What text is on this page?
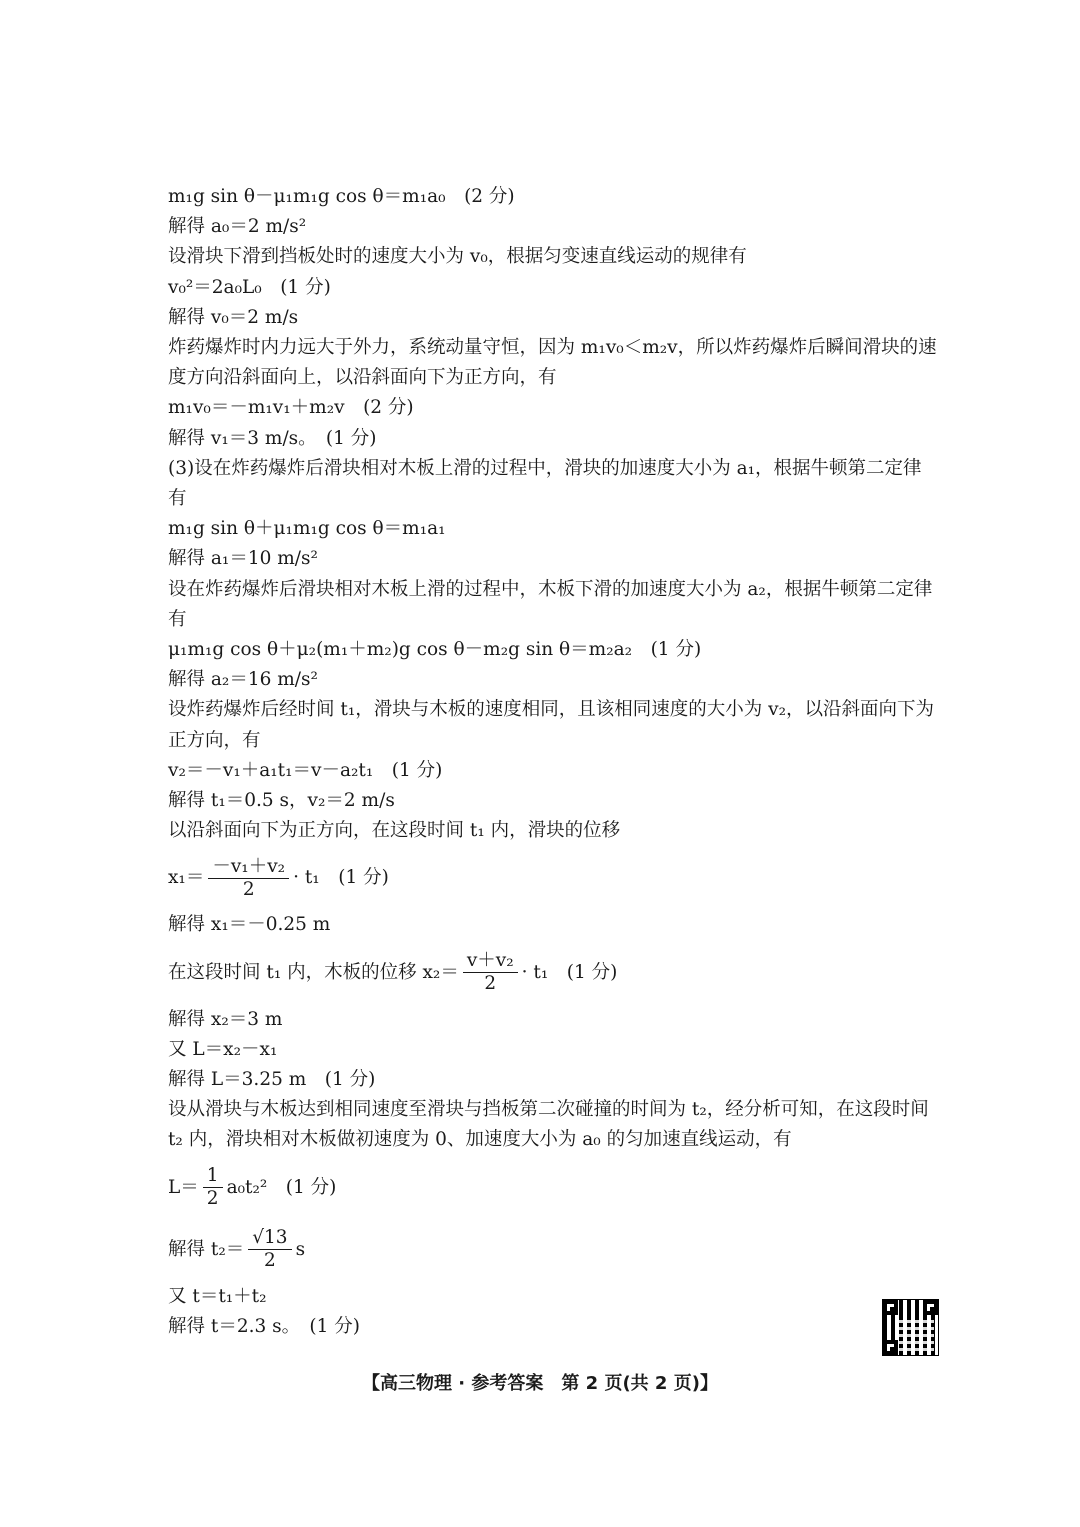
m₁g sin θ－μ₁m₁g cos θ＝m₁a₀　(2 分)
解得 a₀＝2 m/s²
设滑块下滑到挡板处时的速度大小为 v₀，根据匀变速直线运动的规律有
v₀²＝2a₀L₀　(1 分)
解得 v₀＝2 m/s
炸药爆炸时内力远大于外力，系统动量守恒，因为 m₁v₀＜m₂v，所以炸药爆炸后瞬间滑块的速度方向沿斜面向上，以沿斜面向下为正方向，有
m₁v₀＝－m₁v₁＋m₂v　(2 分)
解得 v₁＝3 m/s。　(1 分)
(3)设在炸药爆炸后滑块相对木板上滑的过程中，滑块的加速度大小为 a₁，根据牛顿第二定律有
m₁g sin θ＋μ₁m₁g cos θ＝m₁a₁
解得 a₁＝10 m/s²
设在炸药爆炸后滑块相对木板上滑的过程中，木板下滑的加速度大小为 a₂，根据牛顿第二定律有
μ₁m₁g cos θ＋μ₂(m₁＋m₂)g cos θ－m₂g sin θ＝m₂a₂　(1 分)
解得 a₂＝16 m/s²
设炸药爆炸后经时间 t₁，滑块与木板的速度相同，且该相同速度的大小为 v₂，以沿斜面向下为正方向，有
v₂＝－v₁＋a₁t₁＝v－a₂t₁　(1 分)
解得 t₁＝0.5 s，v₂＝2 m/s
以沿斜面向下为正方向，在这段时间 t₁ 内，滑块的位移
$x_1= \frac{\text{－v₁＋v₂}}{2} \cdot t_1$　(1 分)
解得 x₁＝－0.25 m
在这段时间 t₁ 内，木板的位移 $x_2= \frac{\text{v＋v₂}}{2} \cdot t_1$　(1 分)
解得 x₂＝3 m
又 L＝x₂－x₁
解得 L＝3.25 m　(1 分)
设从滑块与木板达到相同速度至滑块与挡板第二次碰撞的时间为 t₂，经分析可知，在这段时间 t₂ 内，滑块相对木板做初速度为 0、加速度大小为 a₀ 的匀加速直线运动，有
$L= \frac{1}{2} a_0t_2^2$　(1 分)
解得 $t_2= \frac{√13}{2}$ s
又 t＝t₁＋t₂
解得 t＝2.3 s。　(1 分)
【高三物理 · 参考答案　第 2 页(共 2 页)】
